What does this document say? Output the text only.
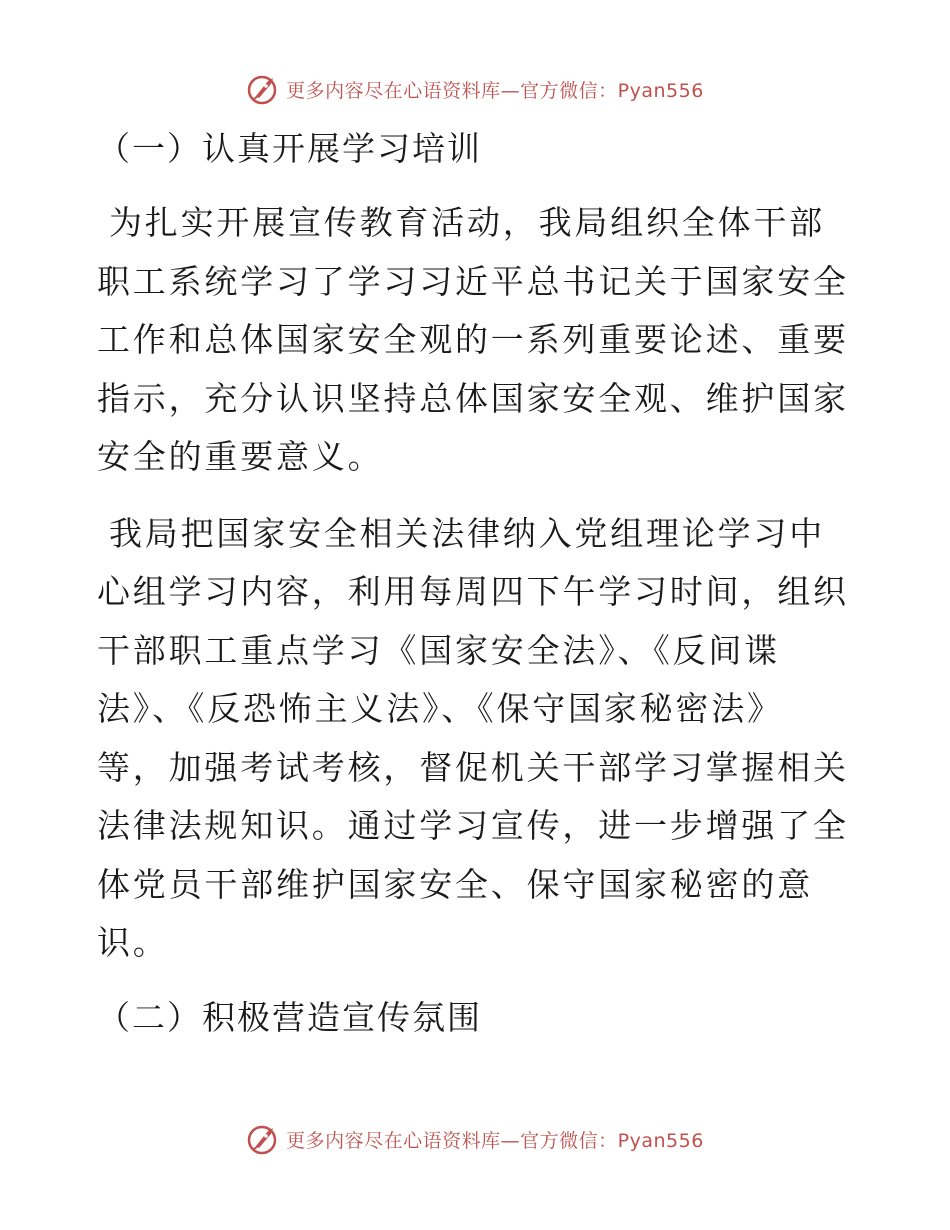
更多内容尽在心语资料库—官方微信：Pyan556
（一）认真开展学习培训

为扎实开展宣传教育活动，我局组织全体干部职工系统学习了学习习近平总书记关于国家安全工作和总体国家安全观的一系列重要论述、重要指示，充分认识坚持总体国家安全观、维护国家安全的重要意义。

我局把国家安全相关法律纳入党组理论学习中心组学习内容，利用每周四下午学习时间，组织干部职工重点学习《国家安全法》、《反间谍法》、《反恐怖主义法》、《保守国家秘密法》等，加强考试考核，督促机关干部学习掌握相关法律法规知识。通过学习宣传，进一步增强了全体党员干部维护国家安全、保守国家秘密的意识。

（二）积极营造宣传氛围
更多内容尽在心语资料库—官方微信：Pyan556
